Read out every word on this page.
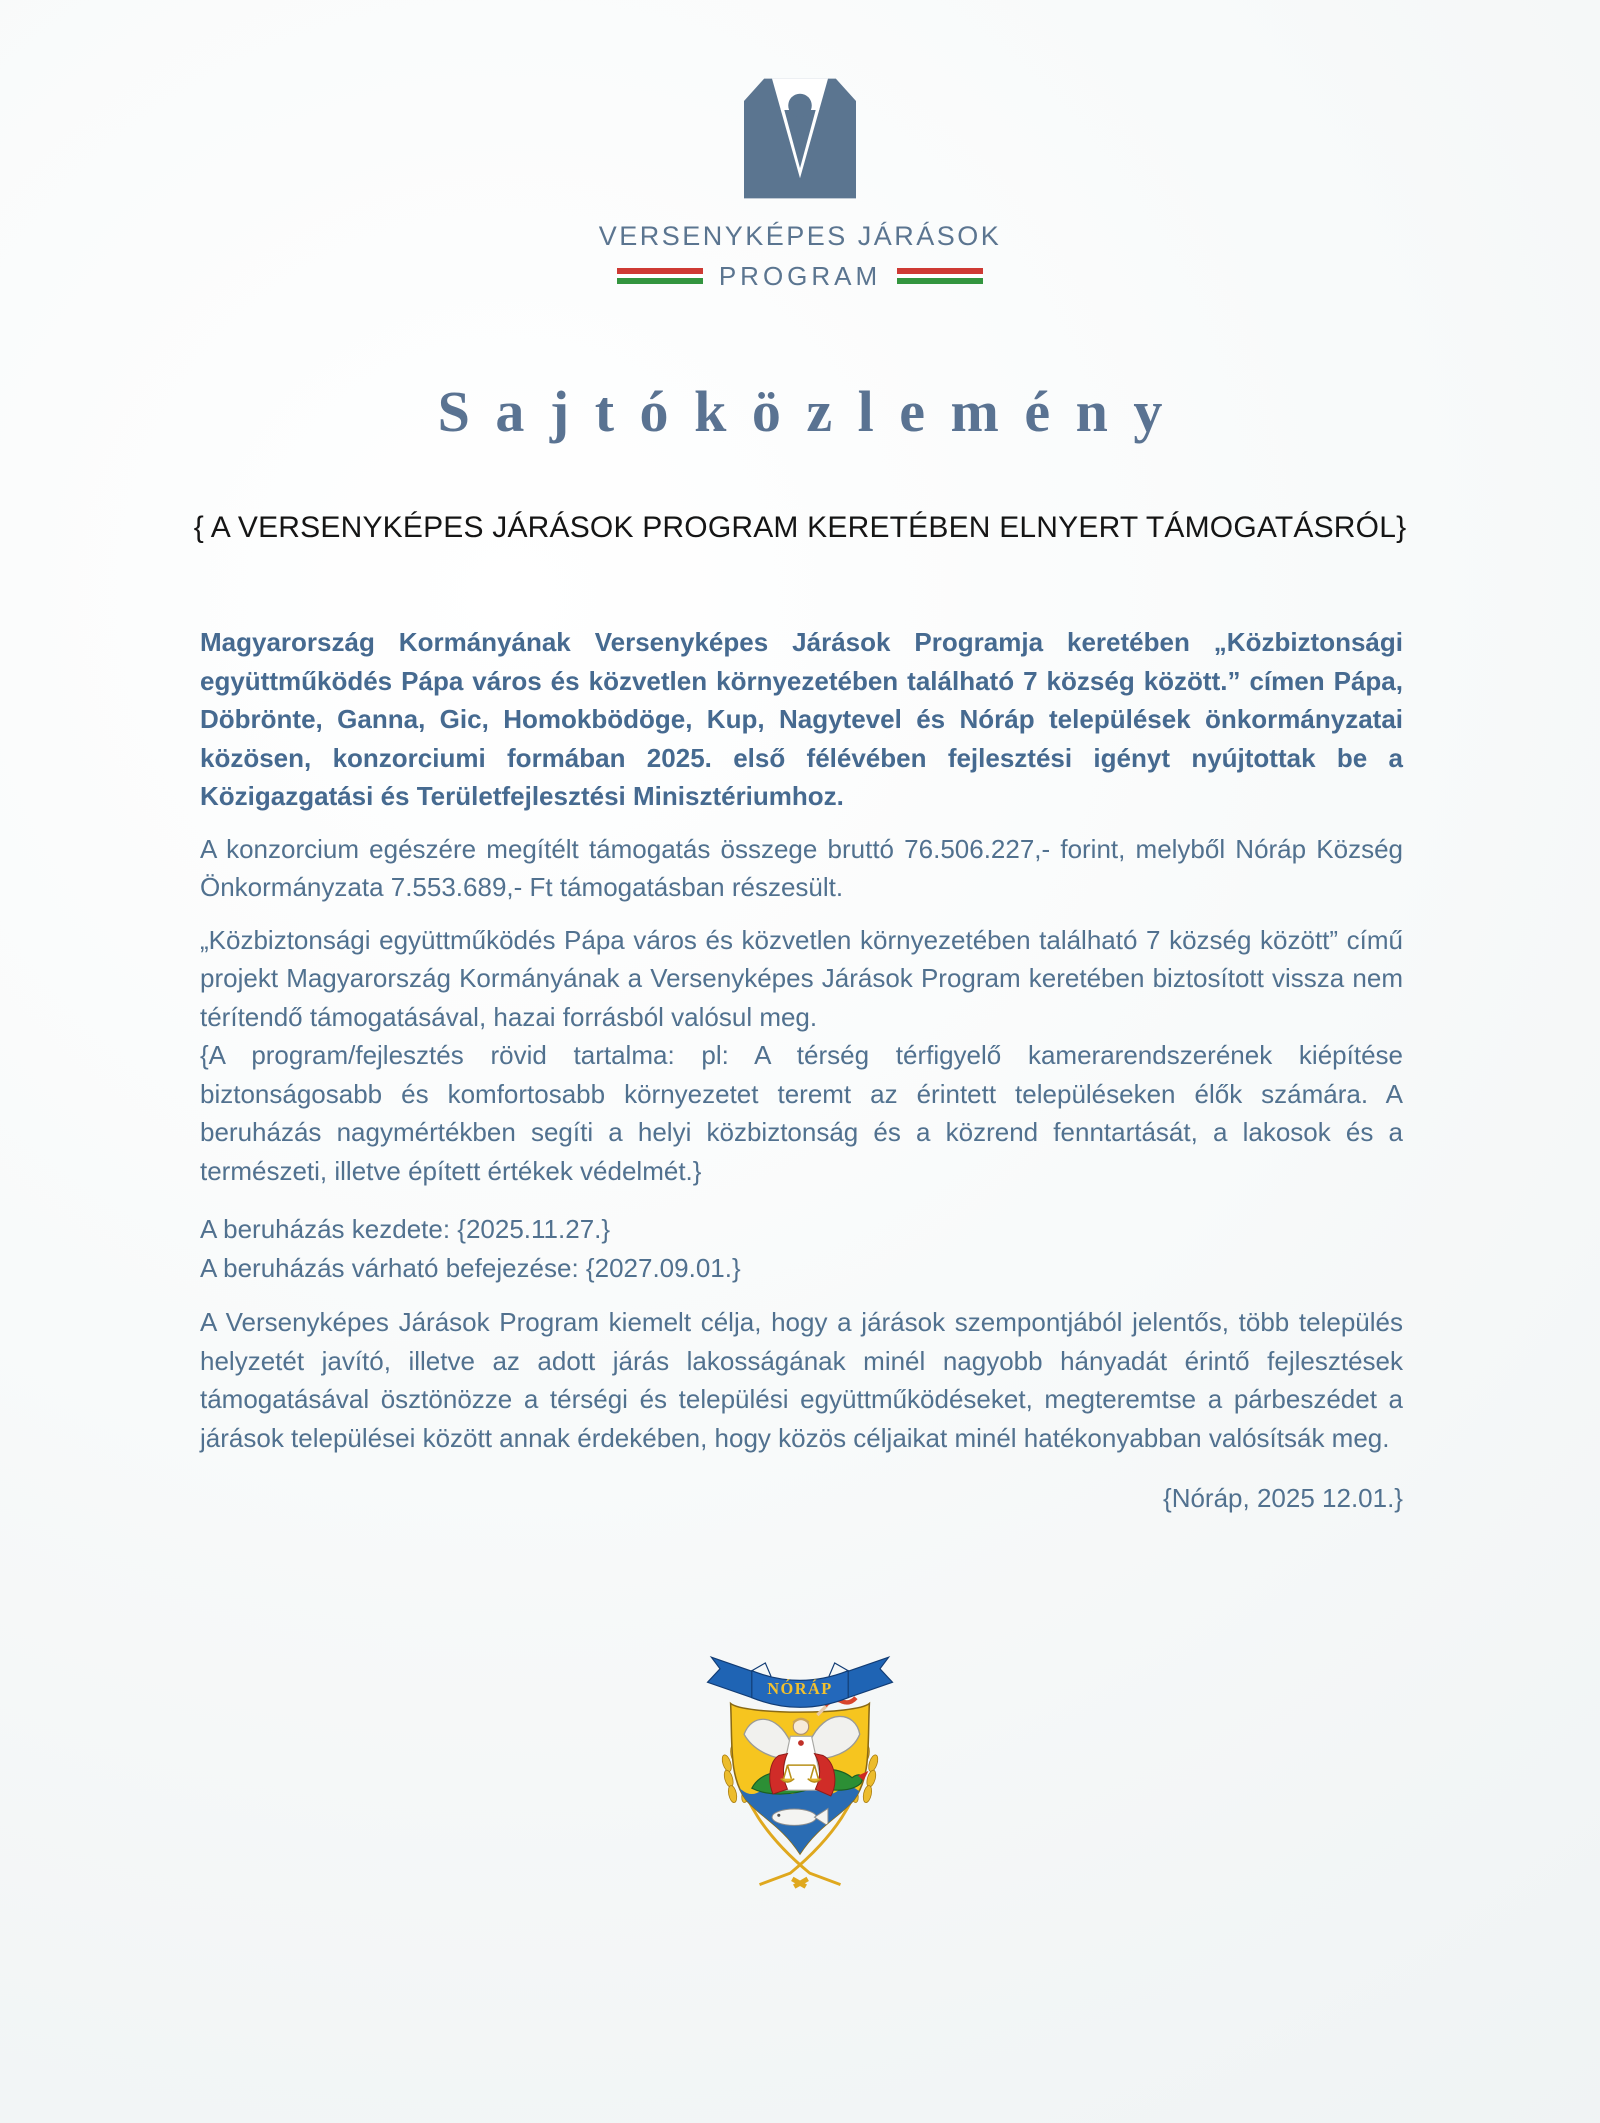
VERSENYKÉPES JÁRÁSOK
PROGRAM
Sajtóközlemény
{ A VERSENYKÉPES JÁRÁSOK PROGRAM KERETÉBEN ELNYERT TÁMOGATÁSRÓL}

Magyarország Kormányának Versenyképes Járások Programja keretében „Közbiztonsági együttműködés Pápa város és közvetlen környezetében található 7 község között.” címen Pápa, Döbrönte, Ganna, Gic, Homokbödöge, Kup, Nagytevel és Nóráp települések önkormányzatai közösen, konzorciumi formában 2025. első félévében fejlesztési igényt nyújtottak be a Közigazgatási és Területfejlesztési Minisztériumhoz.

A konzorcium egészére megítélt támogatás összege bruttó 76.506.227,- forint, melyből Nóráp Község Önkormányzata 7.553.689,- Ft támogatásban részesült.

„Közbiztonsági együttműködés Pápa város és közvetlen környezetében található 7 község között” című projekt Magyarország Kormányának a Versenyképes Járások Program keretében biztosított vissza nem térítendő támogatásával, hazai forrásból valósul meg.

{A program/fejlesztés rövid tartalma: pl: A térség térfigyelő kamerarendszerének kiépítése biztonságosabb és komfortosabb környezetet teremt az érintett településeken élők számára. A beruházás nagymértékben segíti a helyi közbiztonság és a közrend fenntartását, a lakosok és a természeti, illetve épített értékek védelmét.}

A beruházás kezdete: {2025.11.27.}
A beruházás várható befejezése: {2027.09.01.}

A Versenyképes Járások Program kiemelt célja, hogy a járások szempontjából jelentős, több település helyzetét javító, illetve az adott járás lakosságának minél nagyobb hányadát érintő fejlesztések támogatásával ösztönözze a térségi és települési együttműködéseket, megteremtse a párbeszédet a járások települései között annak érdekében, hogy közös céljaikat minél hatékonyabban valósítsák meg.

{Nóráp, 2025 12.01.}
NÓRÁP
